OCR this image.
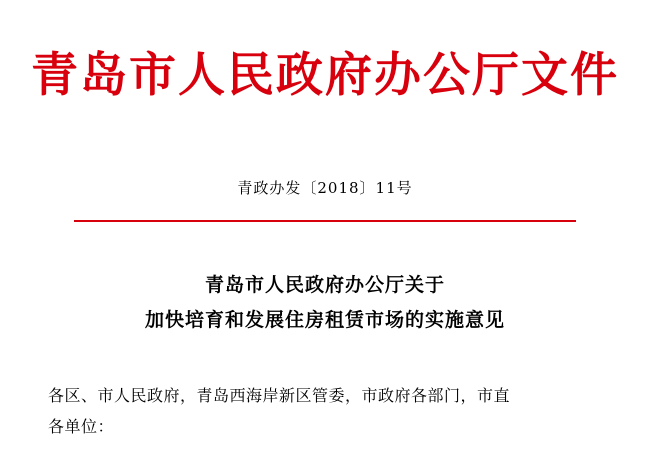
青岛市人民政府办公厅文件
青政办发〔2018〕11号
青岛市人民政府办公厅关于
加快培育和发展住房租赁市场的实施意见
各区、市人民政府，青岛西海岸新区管委，市政府各部门，市直
各单位：
